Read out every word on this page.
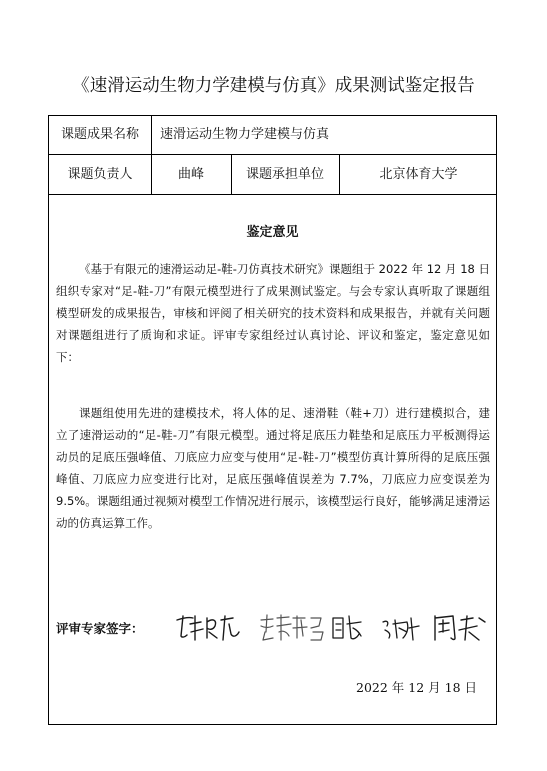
《速滑运动生物力学建模与仿真》成果测试鉴定报告
课题成果名称	速滑运动生物力学建模与仿真
课题负责人	曲峰	课题承担单位	北京体育大学
鉴定意见
《基于有限元的速滑运动足-鞋-刀仿真技术研究》课题组于 2022 年 12 月 18 日组织专家对“足-鞋-刀”有限元模型进行了成果测试鉴定。与会专家认真听取了课题组模型研发的成果报告，审核和评阅了相关研究的技术资料和成果报告，并就有关问题对课题组进行了质询和求证。评审专家组经过认真讨论、评议和鉴定，鉴定意见如下：
课题组使用先进的建模技术，将人体的足、速滑鞋（鞋+刀）进行建模拟合，建立了速滑运动的“足-鞋-刀”有限元模型。通过将足底压力鞋垫和足底压力平板测得运动员的足底压强峰值、刀底应力应变与使用“足-鞋-刀”模型仿真计算所得的足底压强峰值、刀底应力应变进行比对，足底压强峰值误差为 7.7%，刀底应力应变误差为 9.5%。课题组通过视频对模型工作情况进行展示，该模型运行良好，能够满足速滑运动的仿真运算工作。
评审专家签字：
2022 年 12 月 18 日
